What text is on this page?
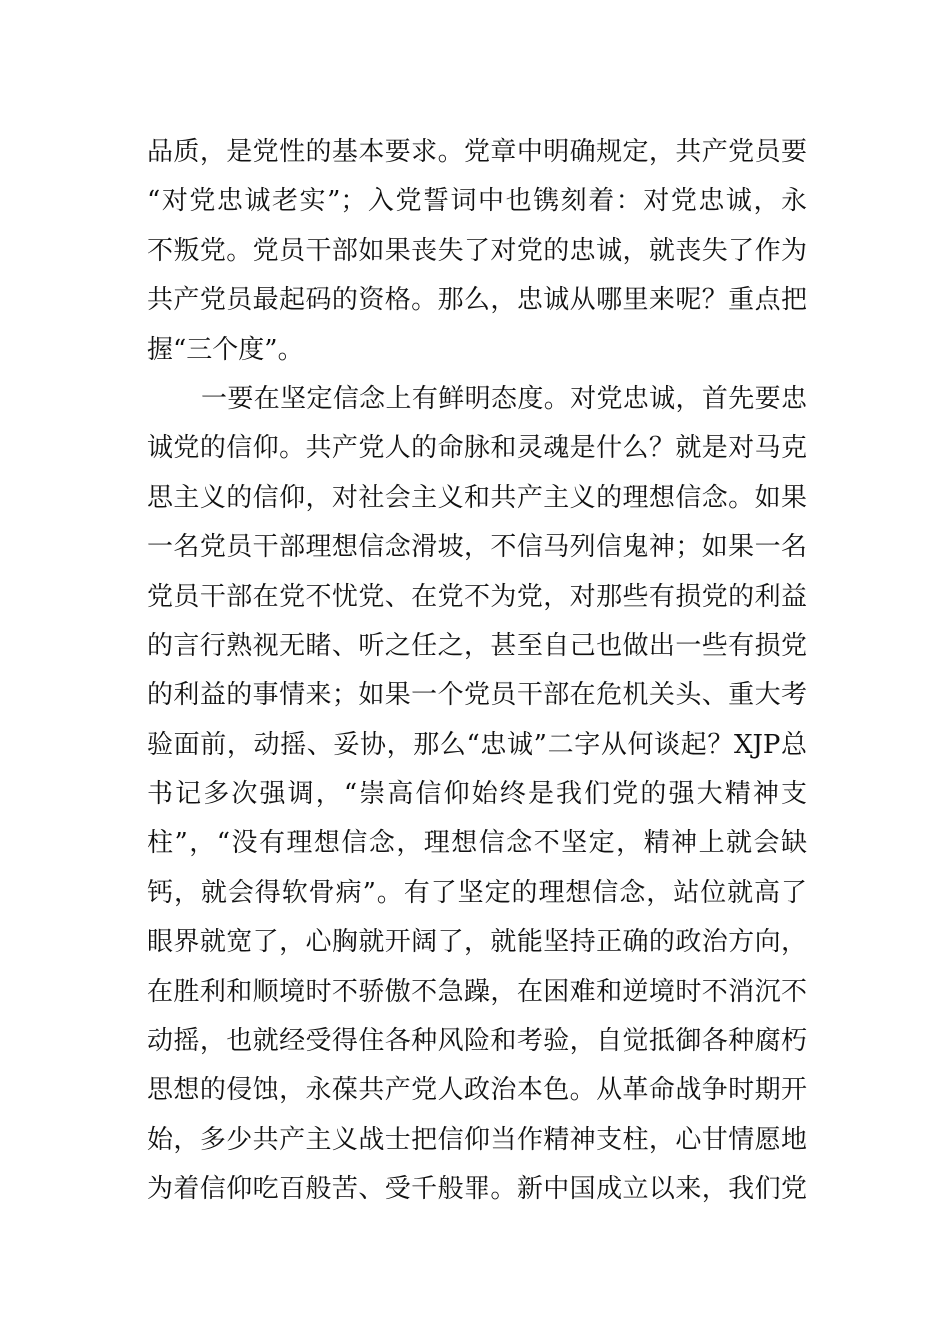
品质，是党性的基本要求。党章中明确规定，共产党员要
“对党忠诚老实”；入党誓词中也镌刻着：对党忠诚，永
不叛党。党员干部如果丧失了对党的忠诚，就丧失了作为
共产党员最起码的资格。那么，忠诚从哪里来呢？重点把
握“三个度”。
一要在坚定信念上有鲜明态度。对党忠诚，首先要忠
诚党的信仰。共产党人的命脉和灵魂是什么？就是对马克
思主义的信仰，对社会主义和共产主义的理想信念。如果
一名党员干部理想信念滑坡，不信马列信鬼神；如果一名
党员干部在党不忧党、在党不为党，对那些有损党的利益
的言行熟视无睹、听之任之，甚至自己也做出一些有损党
的利益的事情来；如果一个党员干部在危机关头、重大考
验面前，动摇、妥协，那么“忠诚”二字从何谈起？XJP总
书记多次强调，“崇高信仰始终是我们党的强大精神支
柱”，“没有理想信念，理想信念不坚定，精神上就会缺
钙，就会得软骨病”。有了坚定的理想信念，站位就高了
眼界就宽了，心胸就开阔了，就能坚持正确的政治方向，
在胜利和顺境时不骄傲不急躁，在困难和逆境时不消沉不
动摇，也就经受得住各种风险和考验，自觉抵御各种腐朽
思想的侵蚀，永葆共产党人政治本色。从革命战争时期开
始，多少共产主义战士把信仰当作精神支柱，心甘情愿地
为着信仰吃百般苦、受千般罪。新中国成立以来，我们党
